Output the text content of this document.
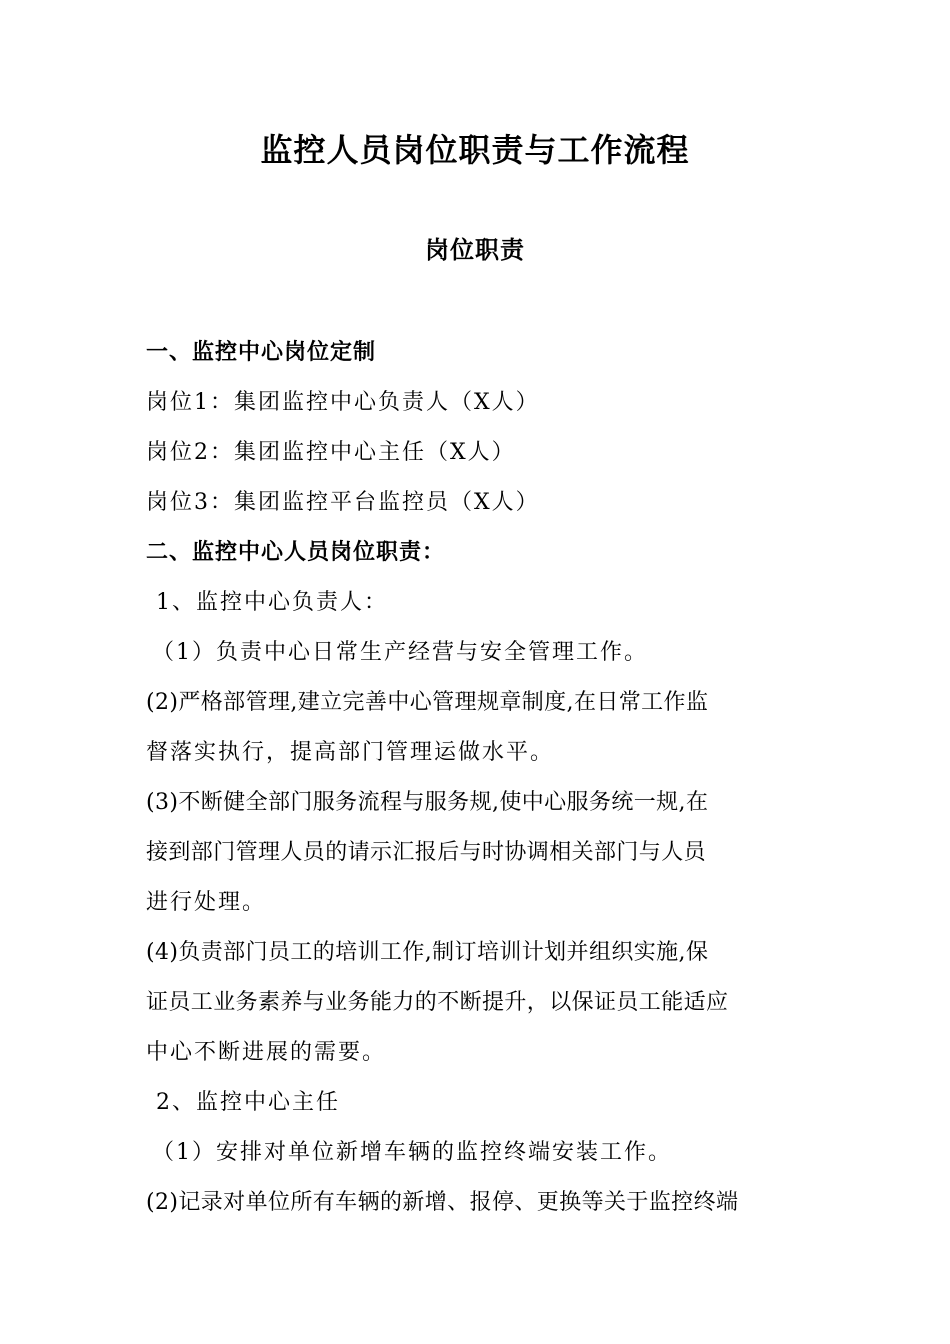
监控人员岗位职责与工作流程
岗位职责
一、监控中心岗位定制
岗位1：集团监控中心负责人（X人）
岗位2：集团监控中心主任（X人）
岗位3：集团监控平台监控员（X人）
二、监控中心人员岗位职责：
1、监控中心负责人：
（1）负责中心日常生产经营与安全管理工作。
(2)严格部管理,建立完善中心管理规章制度,在日常工作监
督落实执行，提高部门管理运做水平。
(3)不断健全部门服务流程与服务规,使中心服务统一规,在
接到部门管理人员的请示汇报后与时协调相关部门与人员
进行处理。
(4)负责部门员工的培训工作,制订培训计划并组织实施,保
证员工业务素养与业务能力的不断提升，以保证员工能适应
中心不断进展的需要。
2、监控中心主任
（1）安排对单位新增车辆的监控终端安装工作。
(2)记录对单位所有车辆的新增、报停、更换等关于监控终端
